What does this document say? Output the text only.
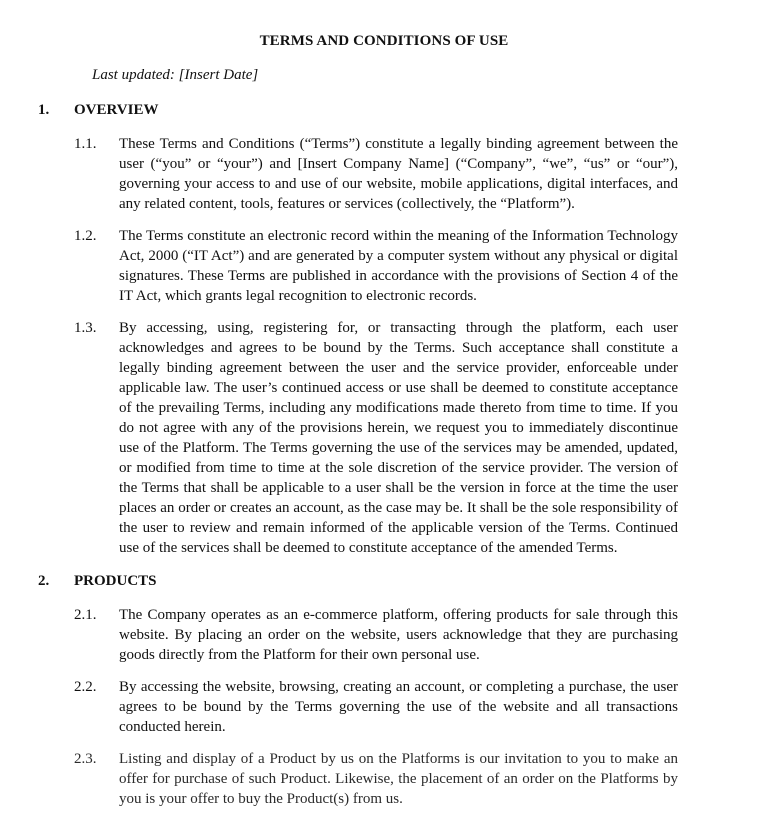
TERMS AND CONDITIONS OF USE
Last updated: [Insert Date]
1. OVERVIEW
1.1. These Terms and Conditions (“Terms”) constitute a legally binding agreement between the user (“you” or “your”) and [Insert Company Name] (“Company”, “we”, “us” or “our”), governing your access to and use of our website, mobile applications, digital interfaces, and any related content, tools, features or services (collectively, the “Platform”).

1.2. The Terms constitute an electronic record within the meaning of the Information Technology Act, 2000 (“IT Act”) and are generated by a computer system without any physical or digital signatures. These Terms are published in accordance with the provisions of Section 4 of the IT Act, which grants legal recognition to electronic records.

1.3. By accessing, using, registering for, or transacting through the platform, each user acknowledges and agrees to be bound by the Terms. Such acceptance shall constitute a legally binding agreement between the user and the service provider, enforceable under applicable law. The user’s continued access or use shall be deemed to constitute acceptance of the prevailing Terms, including any modifications made thereto from time to time. If you do not agree with any of the provisions herein, we request you to immediately discontinue use of the Platform. The Terms governing the use of the services may be amended, updated, or modified from time to time at the sole discretion of the service provider. The version of the Terms that shall be applicable to a user shall be the version in force at the time the user places an order or creates an account, as the case may be. It shall be the sole responsibility of the user to review and remain informed of the applicable version of the Terms. Continued use of the services shall be deemed to constitute acceptance of the amended Terms.

2. PRODUCTS
2.1. The Company operates as an e-commerce platform, offering products for sale through this website. By placing an order on the website, users acknowledge that they are purchasing goods directly from the Platform for their own personal use.

2.2. By accessing the website, browsing, creating an account, or completing a purchase, the user agrees to be bound by the Terms governing the use of the website and all transactions conducted herein.

2.3. Listing and display of a Product by us on the Platforms is our invitation to you to make an offer for purchase of such Product. Likewise, the placement of an order on the Platforms by you is your offer to buy the Product(s) from us.
